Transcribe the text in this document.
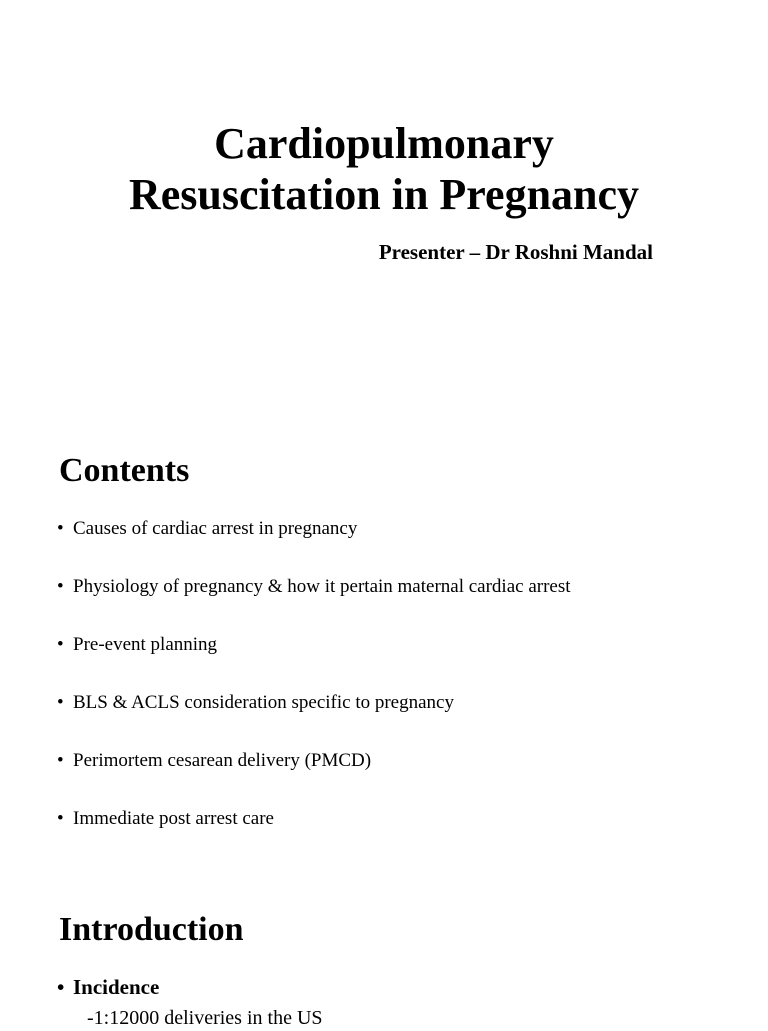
Cardiopulmonary
Resuscitation in Pregnancy

Presenter – Dr Roshni Mandal

Contents
• Causes of cardiac arrest in pregnancy
• Physiology of pregnancy & how it pertain maternal cardiac arrest
• Pre-event planning
• BLS & ACLS consideration specific to pregnancy
• Perimortem cesarean delivery (PMCD)
• Immediate post arrest care
Introduction
• Incidence
-1:12000 deliveries in the US
